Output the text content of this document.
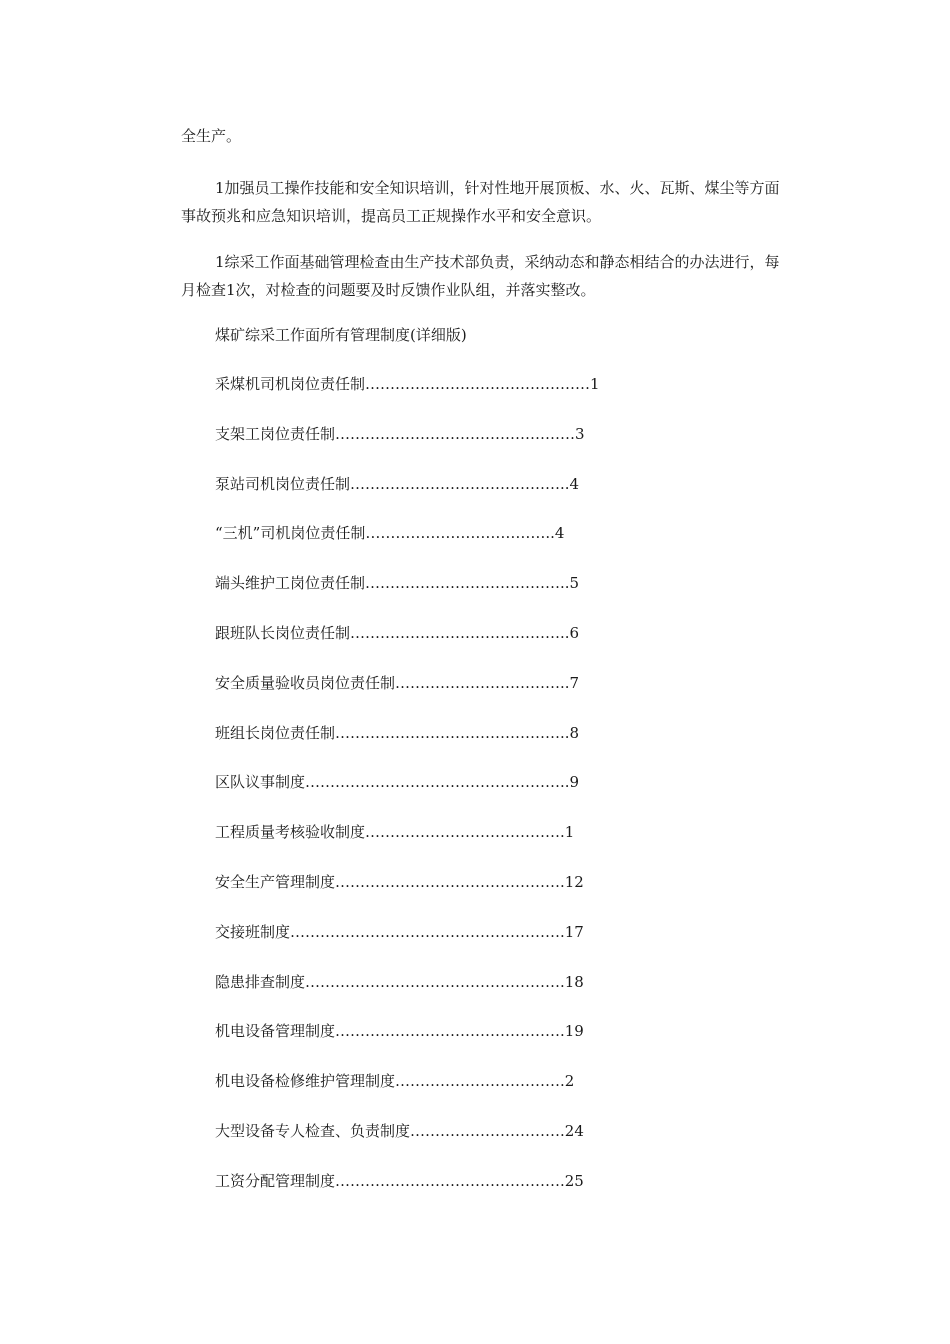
全生产。

1加强员工操作技能和安全知识培训，针对性地开展顶板、水、火、瓦斯、煤尘等方面事故预兆和应急知识培训，提高员工正规操作水平和安全意识。

1综采工作面基础管理检查由生产技术部负责，采纳动态和静态相结合的办法进行，每月检查1次，对检查的问题要及时反馈作业队组，并落实整改。

煤矿综采工作面所有管理制度(详细版)

采煤机司机岗位责任制………………………………………1
支架工岗位责任制…………………………………………3
泵站司机岗位责任制……………………………………..4
“三机”司机岗位责任制………………………………..4
端头维护工岗位责任制…………………………………..5
跟班队长岗位责任制……………………………………..6
安全质量验收员岗位责任制……………………………..7
班组长岗位责任制………………………………………..8
区队议事制度……………………………………………..9
工程质量考核验收制度………………………………….1
安全生产管理制度……………………………………….12
交接班制度……………………………………………….17
隐患排查制度…………………………………………….18
机电设备管理制度……………………………………….19
机电设备检修维护管理制度…………………………….2
大型设备专人检查、负责制度………………………….24
工资分配管理制度……………………………………….25
